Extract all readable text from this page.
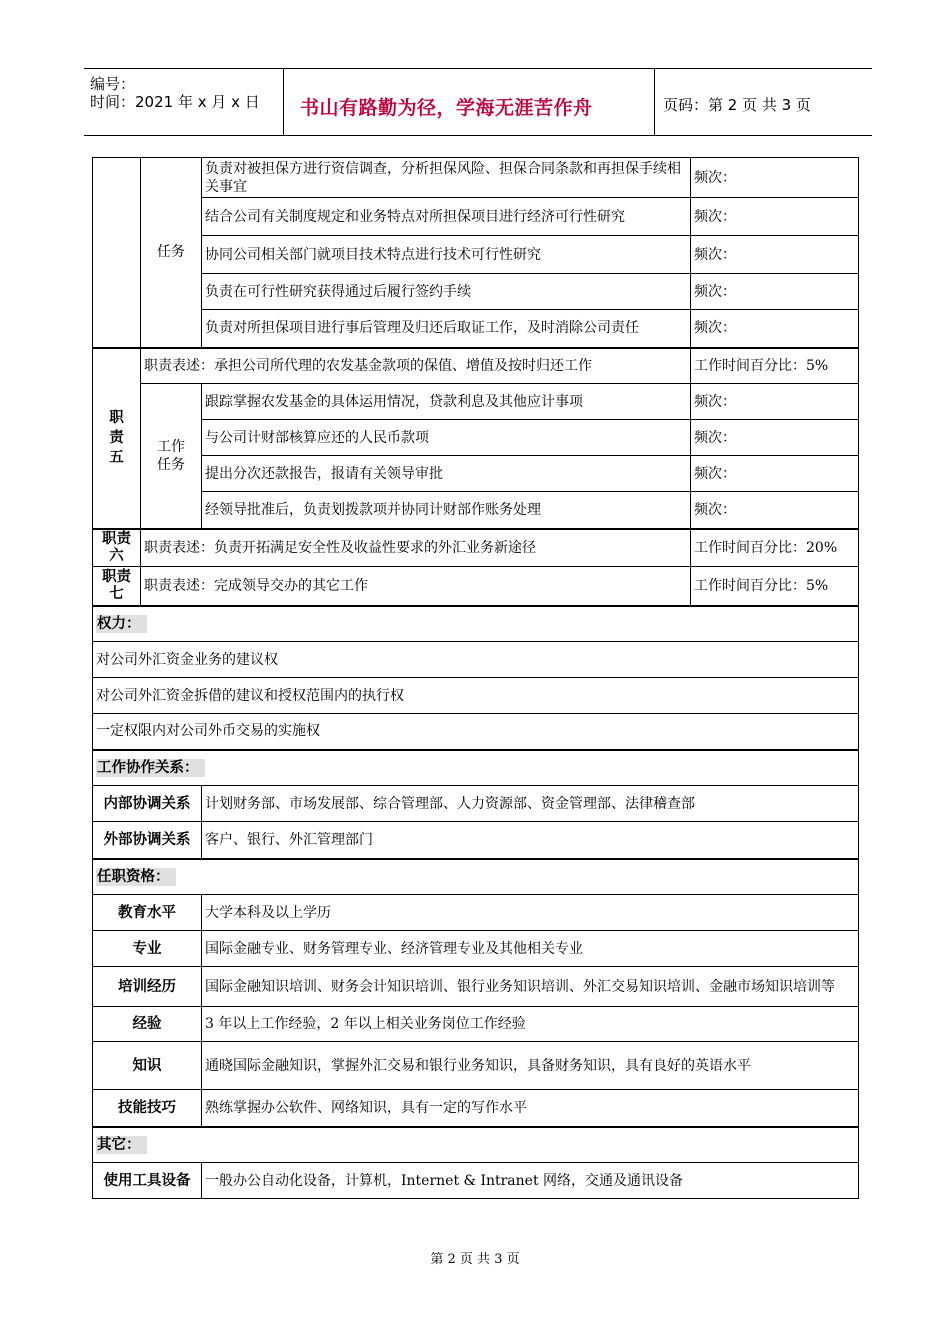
编号：
时间：2021 年 x 月 x 日 书山有路勤为径，学海无涯苦作舟	页码：第 2 页 共 3 页
	任务	负责对被担保方进行资信调查，分析担保风险、担保合同条款和再担保手续相关事宜	频次：
		结合公司有关制度规定和业务特点对所担保项目进行经济可行性研究	频次：
		协同公司相关部门就项目技术特点进行技术可行性研究	频次：
		负责在可行性研究获得通过后履行签约手续	频次：
		负责对所担保项目进行事后管理及归还后取证工作，及时消除公司责任	频次：
职
责
五	职责表述：承担公司所代理的农发基金款项的保值、增值及按时归还工作		工作时间百分比：5%
	工作
任务	跟踪掌握农发基金的具体运用情况，贷款利息及其他应计事项	频次：
		与公司计财部核算应还的人民币款项	频次：
		提出分次还款报告，报请有关领导审批	频次：
		经领导批准后，负责划拨款项并协同计财部作账务处理	频次：
职责
六	职责表述：负责开拓满足安全性及收益性要求的外汇业务新途径		工作时间百分比：20%
职责
七	职责表述：完成领导交办的其它工作		工作时间百分比：5%
权力：			
对公司外汇资金业务的建议权			
对公司外汇资金拆借的建议和授权范围内的执行权			
一定权限内对公司外币交易的实施权			
工作协作关系：			
内部协调关系		计划财务部、市场发展部、综合管理部、人力资源部、资金管理部、法律稽查部	
外部协调关系		客户、银行、外汇管理部门	
任职资格：			
教育水平		大学本科及以上学历	
专业		国际金融专业、财务管理专业、经济管理专业及其他相关专业	
培训经历		国际金融知识培训、财务会计知识培训、银行业务知识培训、外汇交易知识培训、金融市场知识培训等	
经验		3 年以上工作经验，2 年以上相关业务岗位工作经验	
知识		通晓国际金融知识，掌握外汇交易和银行业务知识，具备财务知识，具有良好的英语水平	
技能技巧		熟练掌握办公软件、网络知识，具有一定的写作水平	
其它：			
使用工具设备		一般办公自动化设备，计算机，Internet & Intranet 网络，交通及通讯设备	
第 2 页 共 3 页
